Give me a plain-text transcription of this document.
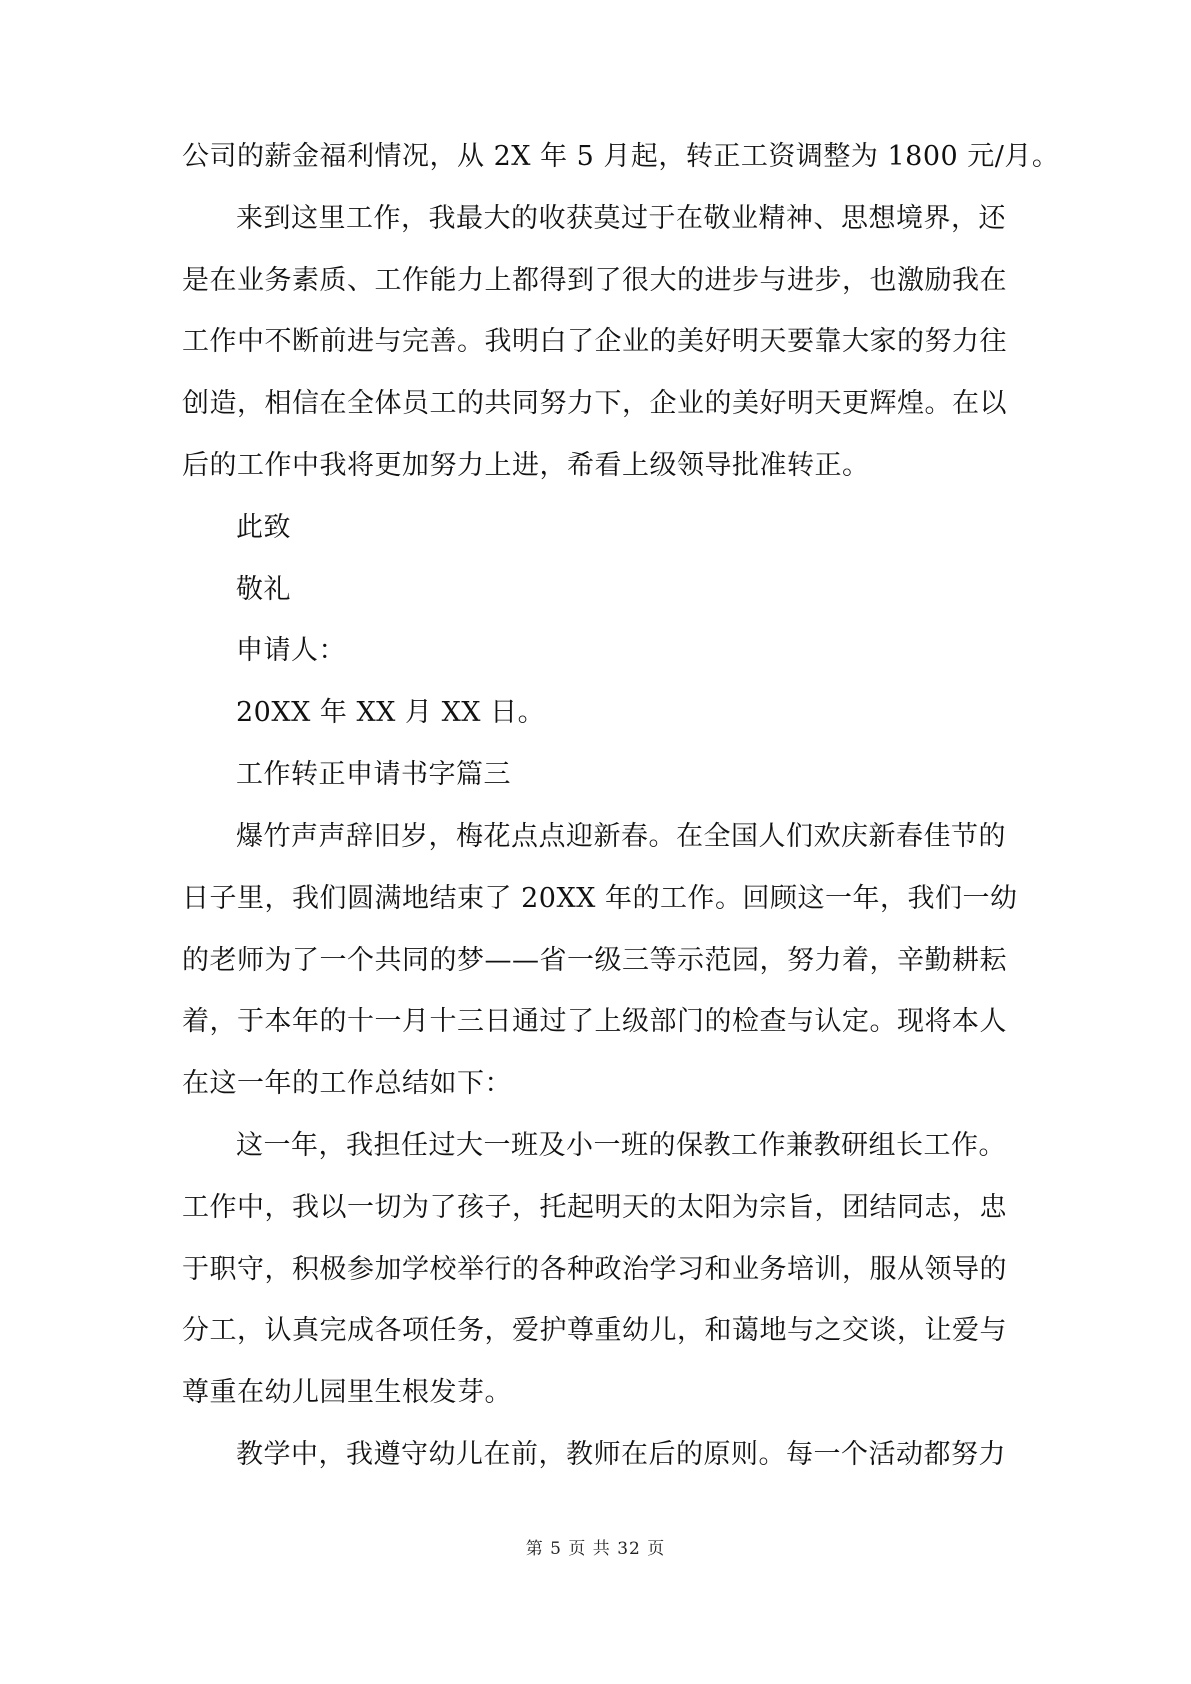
公司的薪金福利情况，从 2X 年 5 月起，转正工资调整为 1800 元/月。
来到这里工作，我最大的收获莫过于在敬业精神、思想境界，还
是在业务素质、工作能力上都得到了很大的进步与进步，也激励我在
工作中不断前进与完善。我明白了企业的美好明天要靠大家的努力往
创造，相信在全体员工的共同努力下，企业的美好明天更辉煌。在以
后的工作中我将更加努力上进，希看上级领导批准转正。
此致
敬礼
申请人：
20XX 年 XX 月 XX 日。
工作转正申请书字篇三
爆竹声声辞旧岁，梅花点点迎新春。在全国人们欢庆新春佳节的
日子里，我们圆满地结束了 20XX 年的工作。回顾这一年，我们一幼
的老师为了一个共同的梦——省一级三等示范园，努力着，辛勤耕耘
着，于本年的十一月十三日通过了上级部门的检查与认定。现将本人
在这一年的工作总结如下：
这一年，我担任过大一班及小一班的保教工作兼教研组长工作。
工作中，我以一切为了孩子，托起明天的太阳为宗旨，团结同志，忠
于职守，积极参加学校举行的各种政治学习和业务培训，服从领导的
分工，认真完成各项任务，爱护尊重幼儿，和蔼地与之交谈，让爱与
尊重在幼儿园里生根发芽。
教学中，我遵守幼儿在前，教师在后的原则。每一个活动都努力
第 5 页 共 32 页
